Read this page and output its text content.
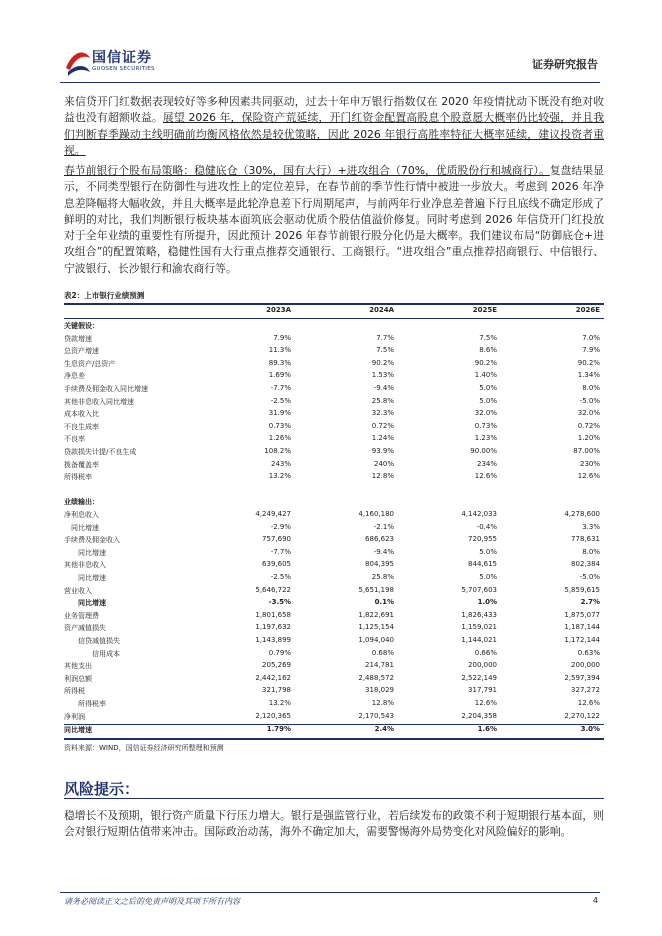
国信证券
GUOSEN SECURITIES	证券研究报告
来信贷开门红数据表现较好等多种因素共同驱动，过去十年申万银行指数仅在 2020 年疫情扰动下既没有绝对收益也没有超额收益。展望 2026 年，保险资产荒延续，开门红资金配置高股息个股意愿大概率仍比较强，并且我们判断春季躁动主线明确前均衡风格依然是较优策略，因此 2026 年银行高胜率特征大概率延续，建议投资者重视。
春节前银行个股布局策略：稳健底仓（30%，国有大行）+进攻组合（70%，优质股份行和城商行）。复盘结果显示，不同类型银行在防御性与进攻性上的定位差异，在春节前的季节性行情中被进一步放大。考虑到 2026 年净息差降幅将大幅收敛，并且大概率是此轮净息差下行周期尾声，与前两年行业净息差普遍下行且底线不确定形成了鲜明的对比，我们判断银行板块基本面筑底会驱动优质个股估值溢价修复。同时考虑到 2026 年信贷开门红投放对于全年业绩的重要性有所提升，因此预计 2026 年春节前银行股分化仍是大概率。我们建议布局“防御底仓+进攻组合”的配置策略，稳健性国有大行重点推荐交通银行、工商银行。“进攻组合”重点推荐招商银行、中信银行、宁波银行、长沙银行和渝农商行等。
表2：上市银行业绩预测
2023A	2024A	2025E	2026E
关键假设：
贷款增速	7.9%	7.7%	7.5%	7.0%
总资产增速	11.3%	7.5%	8.6%	7.9%
生息资产/总资产	89.3%	90.2%	90.2%	90.2%
净息差	1.69%	1.53%	1.40%	1.34%
手续费及佣金收入同比增速	-7.7%	-9.4%	5.0%	8.0%
其他非息收入同比增速	-2.5%	25.8%	5.0%	-5.0%
成本收入比	31.9%	32.3%	32.0%	32.0%
不良生成率	0.73%	0.72%	0.73%	0.72%
不良率	1.26%	1.24%	1.23%	1.20%
贷款损失计提/不良生成	108.2%	93.9%	90.00%	87.00%
拨备覆盖率	243%	240%	234%	230%
所得税率	13.2%	12.8%	12.6%	12.6%
业绩输出：
净利息收入	4,249,427	4,160,180	4,142,033	4,278,600
　同比增速	-2.9%	-2.1%	-0.4%	3.3%
手续费及佣金收入	757,690	686,623	720,955	778,631
　　同比增速	-7.7%	-9.4%	5.0%	8.0%
其他非息收入	639,605	804,395	844,615	802,384
　　同比增速	-2.5%	25.8%	5.0%	-5.0%
营业收入	5,646,722	5,651,198	5,707,603	5,859,615
　　同比增速	-3.5%	0.1%	1.0%	2.7%
业务管理费	1,801,658	1,822,691	1,826,433	1,875,077
资产减值损失	1,197,632	1,125,154	1,159,021	1,187,144
　　信贷减值损失	1,143,899	1,094,040	1,144,021	1,172,144
　　　　信用成本	0.79%	0.68%	0.66%	0.63%
其他支出	205,269	214,781	200,000	200,000
利润总额	2,442,162	2,488,572	2,522,149	2,597,394
所得税	321,798	318,029	317,791	327,272
　　所得税率	13.2%	12.8%	12.6%	12.6%
净利润	2,120,365	2,170,543	2,204,358	2,270,122
同比增速	1.79%	2.4%	1.6%	3.0%
资料来源：WIND，国信证券经济研究所整理和预测
风险提示：
稳增长不及预期，银行资产质量下行压力增大。银行是强监管行业，若后续发布的政策不利于短期银行基本面，则会对银行短期估值带来冲击。国际政治动荡，海外不确定加大，需要警惕海外局势变化对风险偏好的影响。
请务必阅读正文之后的免责声明及其项下所有内容	4
